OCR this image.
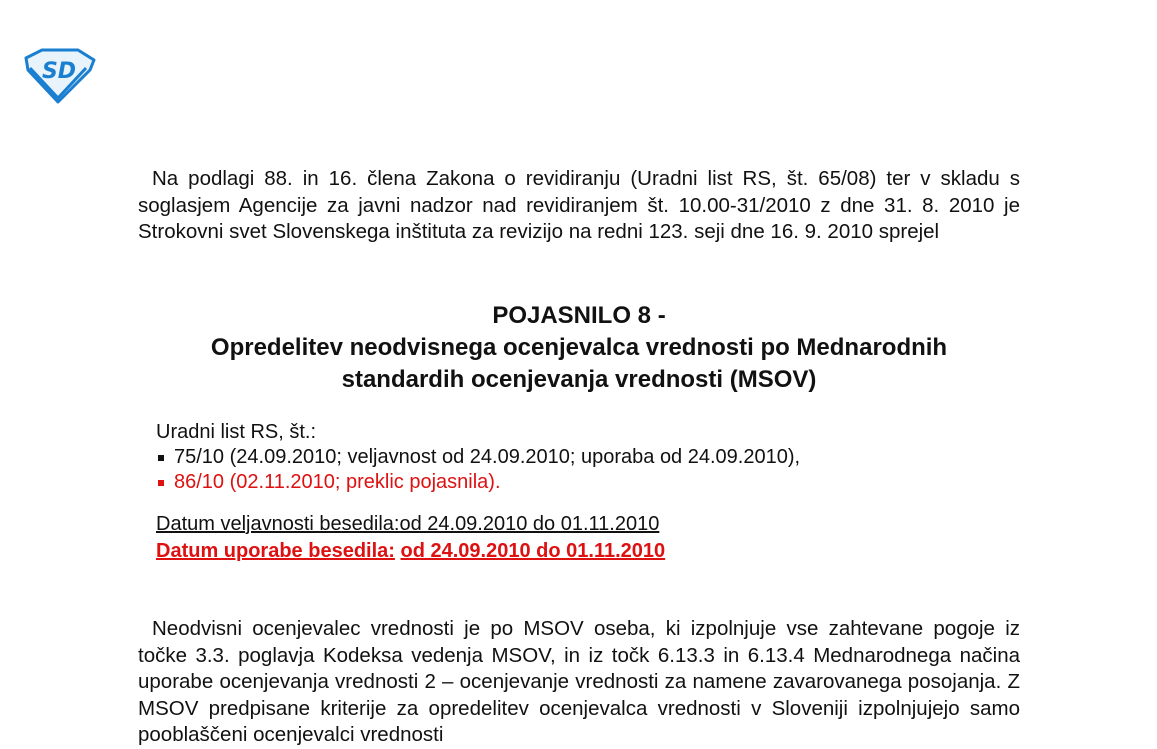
SD

Na podlagi 88. in 16. člena Zakona o revidiranju (Uradni list RS, št. 65/08) ter v skladu s soglasjem Agencije za javni nadzor nad revidiranjem št. 10.00-31/2010 z dne 31. 8. 2010 je Strokovni svet Slovenskega inštituta za revizijo na redni 123. seji dne 16. 9. 2010 sprejel

POJASNILO 8 -
Opredelitev neodvisnega ocenjevalca vrednosti po Mednarodnih
standardih ocenjevanja vrednosti (MSOV)
Uradni list RS, št.:
75/10 (24.09.2010; veljavnost od 24.09.2010; uporaba od 24.09.2010),
86/10 (02.11.2010; preklic pojasnila).
Datum veljavnosti besedila:od 24.09.2010 do 01.11.2010
Datum uporabe besedila: od 24.09.2010 do 01.11.2010

Neodvisni ocenjevalec vrednosti je po MSOV oseba, ki izpolnjuje vse zahtevane pogoje iz točke 3.3. poglavja Kodeksa vedenja MSOV, in iz točk 6.13.3 in 6.13.4 Mednarodnega načina uporabe ocenjevanja vrednosti 2 – ocenjevanje vrednosti za namene zavarovanega posojanja. Z MSOV predpisane kriterije za opredelitev ocenjevalca vrednosti v Sloveniji izpolnjujejo samo pooblaščeni ocenjevalci vrednosti
